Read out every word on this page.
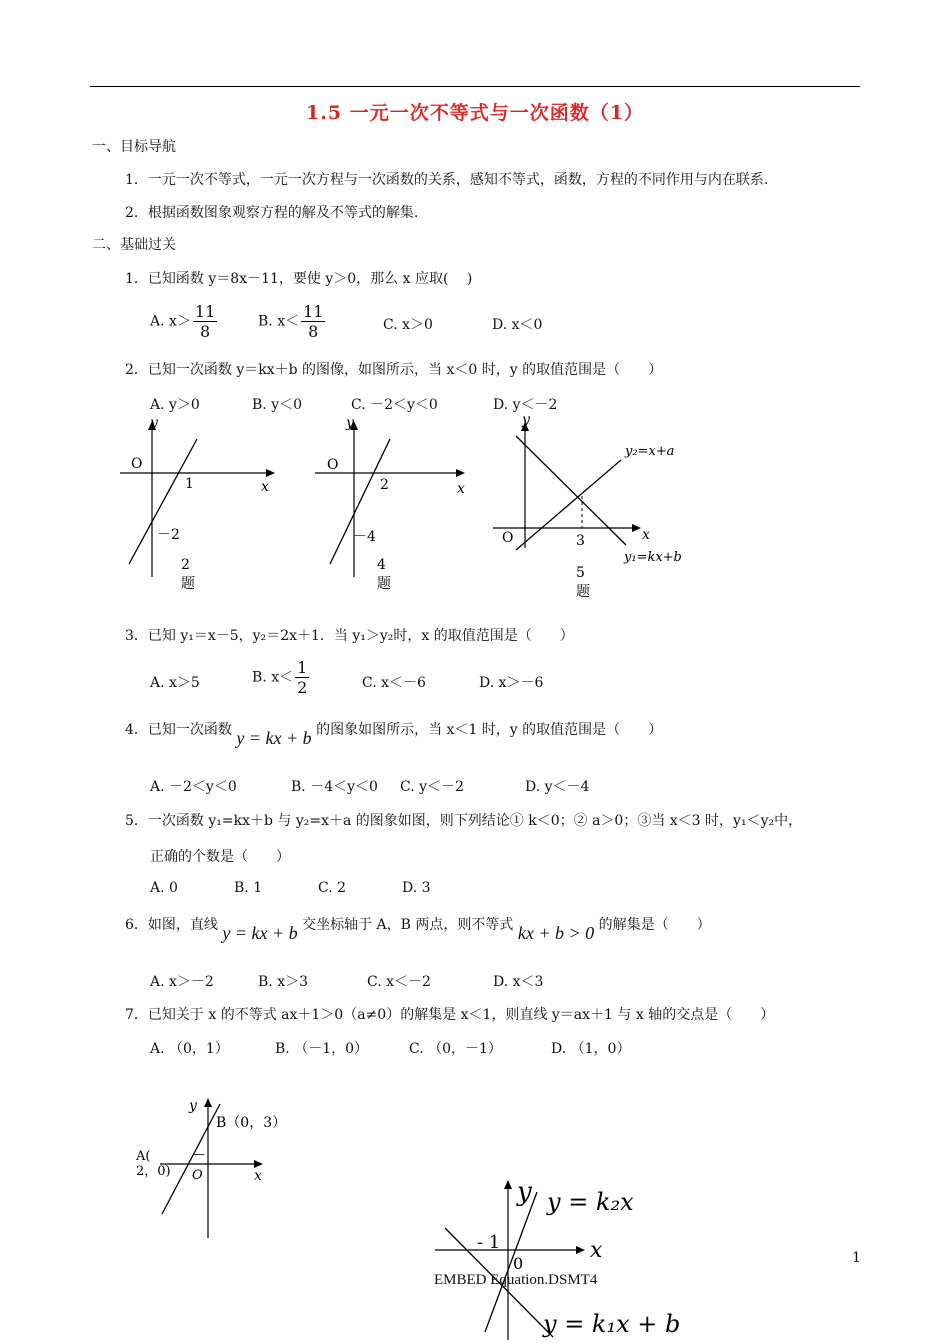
1.5 一元一次不等式与一次函数（1）
一、目标导航
1．一元一次不等式，一元一次方程与一次函数的关系，感知不等式，函数，方程的不同作用与内在联系.
2．根据函数图象观察方程的解及不等式的解集.
二、基础过关
1．已知函数 y＝8x－11，要使 y＞0，那么 x 应取(　 )
A. $x> \frac{11}{8}$	B. $x< \frac{11}{8}$	C. x＞0	D. x＜0
2．已知一次函数 y＝kx＋b 的图像，如图所示，当 x＜0 时，y 的取值范围是（　　）
A. y＞0	B. y＜0	C. －2＜y＜0	D. y＜－2
y
O
1	x
－2
2
题
y
O
2	x
－4
4
题
y
y₂=x+a
x
O	3
y₁=kx+b
5
题
3．已知 y₁＝x－5，y₂＝2x＋1．当 y₁＞y₂时，x 的取值范围是（　　）
A. x＞5	B. $x< \frac{1}{2}$	C. x＜－6	D. x＞－6
4．已知一次函数 y = kx + b 的图象如图所示，当 x＜1 时，y 的取值范围是（　　）
A. －2＜y＜0	B. －4＜y＜0 C. y＜－2	D. y＜－4
5．一次函数 y₁=kx＋b 与 y₂=x＋a 的图象如图，则下列结论① k＜0；② a＞0；③当 x＜3 时，y₁＜y₂中，
正确的个数是（　　）
A. 0	B. 1	C. 2	D. 3
6．如图，直线 y = kx + b 交坐标轴于 A，B 两点，则不等式 kx + b > 0 的解集是（　　）
A. x＞－2	B. x＞3	C. x＜－2	D. x＜3
7．已知关于 x 的不等式 ax＋1＞0（a≠0）的解集是 x＜1，则直线 y＝ax＋1 与 x 轴的交点是（　　）
A. （0，1）	B. （－1，0）	C. （0，－1）	D. （1，0）
y
B（0，3）
A(	—
2，0) O	x
y y = k₂x
- 1
0
x
y = k₁x + b
EMBED Equation.DSMT4
1
